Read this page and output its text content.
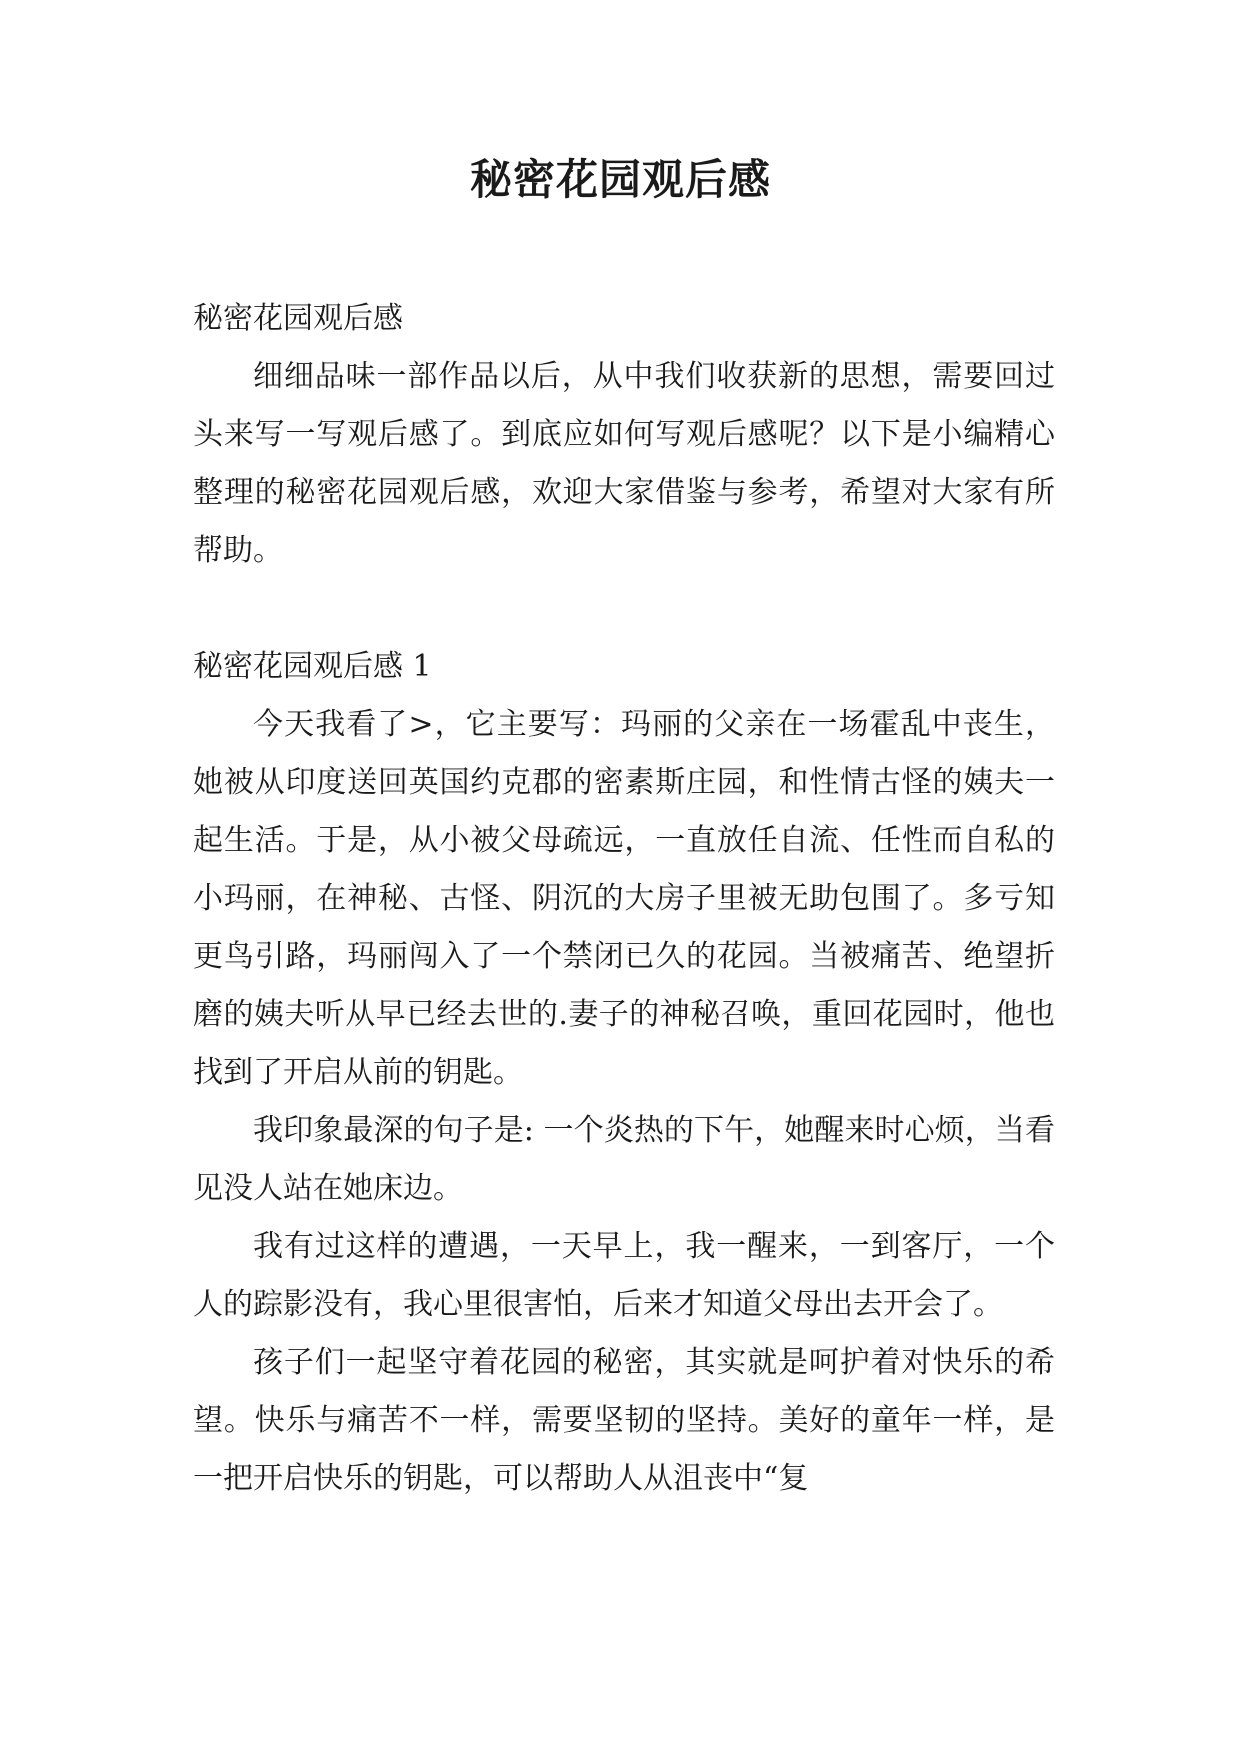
秘密花园观后感

秘密花园观后感

细细品味一部作品以后，从中我们收获新的思想，需要回过头来写一写观后感了。到底应如何写观后感呢？以下是小编精心整理的秘密花园观后感，欢迎大家借鉴与参考，希望对大家有所帮助。

秘密花园观后感 1

今天我看了>，它主要写：玛丽的父亲在一场霍乱中丧生，她被从印度送回英国约克郡的密素斯庄园，和性情古怪的姨夫一起生活。于是，从小被父母疏远，一直放任自流、任性而自私的小玛丽，在神秘、古怪、阴沉的大房子里被无助包围了。多亏知更鸟引路，玛丽闯入了一个禁闭已久的花园。当被痛苦、绝望折磨的姨夫听从早已经去世的.妻子的神秘召唤，重回花园时，他也找到了开启从前的钥匙。

我印象最深的句子是: 一个炎热的下午，她醒来时心烦，当看见没人站在她床边。

我有过这样的遭遇，一天早上，我一醒来，一到客厅，一个人的踪影没有，我心里很害怕，后来才知道父母出去开会了。

孩子们一起坚守着花园的秘密，其实就是呵护着对快乐的希望。快乐与痛苦不一样，需要坚韧的坚持。美好的童年一样，是一把开启快乐的钥匙，可以帮助人从沮丧中“复
